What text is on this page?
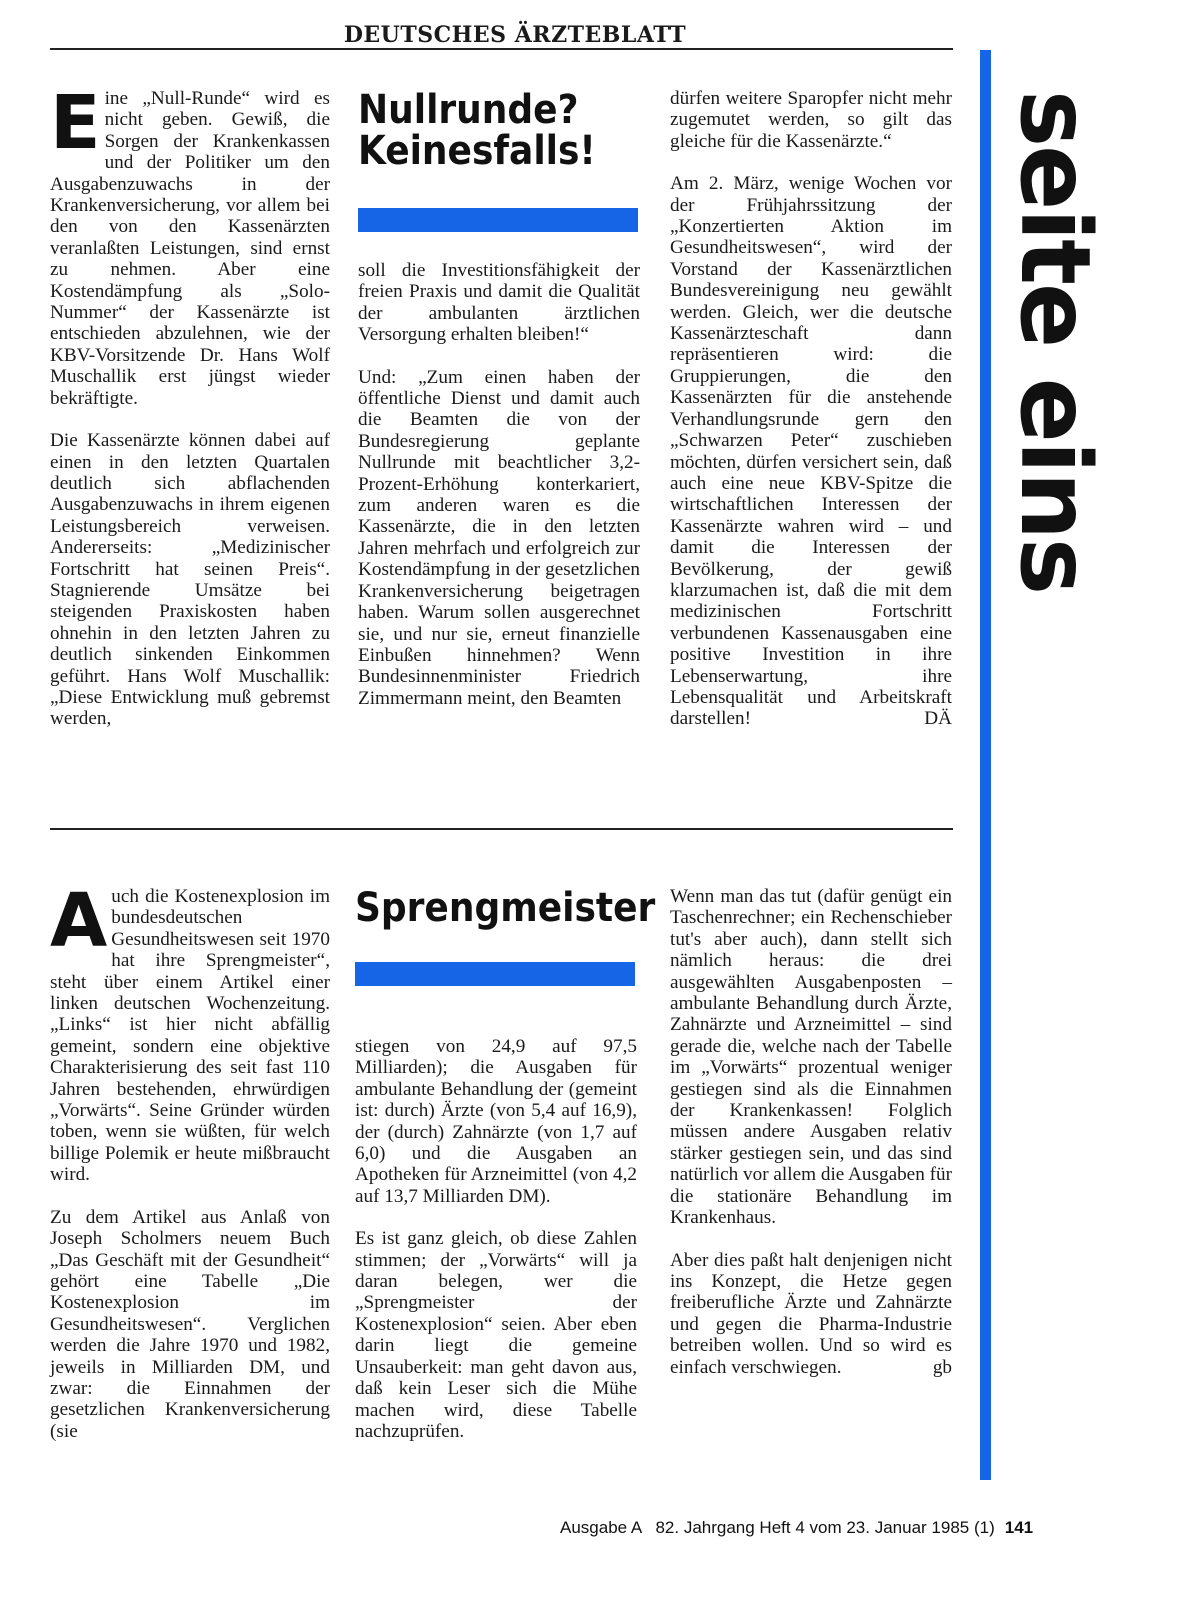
DEUTSCHES ÄRZTEBLATT
seite eins
E ine „Null-Runde“ wird es nicht geben. Gewiß, die Sorgen der Krankenkassen und der Politiker um den Ausgabenzuwachs in der Krankenversicherung, vor allem bei den von den Kassenärzten veranlaßten Leistungen, sind ernst zu nehmen. Aber eine Kostendämpfung als „Solo-Nummer“ der Kassenärzte ist entschieden abzulehnen, wie der KBV-Vorsitzende Dr. Hans Wolf Muschallik erst jüngst wieder bekräftigte.

Die Kassenärzte können dabei auf einen in den letzten Quartalen deutlich sich abflachenden Ausgabenzuwachs in ihrem eigenen Leistungsbereich verweisen. Andererseits: „Medizinischer Fortschritt hat seinen Preis“. Stagnierende Umsätze bei steigenden Praxiskosten haben ohnehin in den letzten Jahren zu deutlich sinkenden Einkommen geführt. Hans Wolf Muschallik: „Diese Entwicklung muß gebremst werden,

Nullrunde? Keinesfalls!

soll die Investitionsfähigkeit der freien Praxis und damit die Qualität der ambulanten ärztlichen Versorgung erhalten bleiben!“

Und: „Zum einen haben der öffentliche Dienst und damit auch die Beamten die von der Bundesregierung geplante Nullrunde mit beachtlicher 3,2-Prozent-Erhöhung konterkariert, zum anderen waren es die Kassenärzte, die in den letzten Jahren mehrfach und erfolgreich zur Kostendämpfung in der gesetzlichen Krankenversicherung beigetragen haben. Warum sollen ausgerechnet sie, und nur sie, erneut finanzielle Einbußen hinnehmen? Wenn Bundesinnenminister Friedrich Zimmermann meint, den Beamten

dürfen weitere Sparopfer nicht mehr zugemutet werden, so gilt das gleiche für die Kassenärzte.“

Am 2. März, wenige Wochen vor der Frühjahrssitzung der „Konzertierten Aktion im Gesundheitswesen“, wird der Vorstand der Kassenärztlichen Bundesvereinigung neu gewählt werden. Gleich, wer die deutsche Kassenärzteschaft dann repräsentieren wird: die Gruppierungen, die den Kassenärzten für die anstehende Verhandlungsrunde gern den „Schwarzen Peter“ zuschieben möchten, dürfen versichert sein, daß auch eine neue KBV-Spitze die wirtschaftlichen Interessen der Kassenärzte wahren wird – und damit die Interessen der Bevölkerung, der gewiß klarzumachen ist, daß die mit dem medizinischen Fortschritt verbundenen Kassenausgaben eine positive Investition in ihre Lebenserwartung, ihre Lebensqualität und Arbeitskraft darstellen!	DÄ

A uch die Kostenexplosion im bundesdeutschen Gesundheitswesen seit 1970 hat ihre Sprengmeister“, steht über einem Artikel einer linken deutschen Wochenzeitung. „Links“ ist hier nicht abfällig gemeint, sondern eine objektive Charakterisierung des seit fast 110 Jahren bestehenden, ehrwürdigen „Vorwärts“. Seine Gründer würden toben, wenn sie wüßten, für welch billige Polemik er heute mißbraucht wird.

Zu dem Artikel aus Anlaß von Joseph Scholmers neuem Buch „Das Geschäft mit der Gesundheit“ gehört eine Tabelle „Die Kostenexplosion im Gesundheitswesen“. Verglichen werden die Jahre 1970 und 1982, jeweils in Milliarden DM, und zwar: die Einnahmen der gesetzlichen Krankenversicherung (sie

Sprengmeister

stiegen von 24,9 auf 97,5 Milliarden); die Ausgaben für ambulante Behandlung der (gemeint ist: durch) Ärzte (von 5,4 auf 16,9), der (durch) Zahnärzte (von 1,7 auf 6,0) und die Ausgaben an Apotheken für Arzneimittel (von 4,2 auf 13,7 Milliarden DM).

Es ist ganz gleich, ob diese Zahlen stimmen; der „Vorwärts“ will ja daran belegen, wer die „Sprengmeister der Kostenexplosion“ seien. Aber eben darin liegt die gemeine Unsauberkeit: man geht davon aus, daß kein Leser sich die Mühe machen wird, diese Tabelle nachzuprüfen.

Wenn man das tut (dafür genügt ein Taschenrechner; ein Rechenschieber tut's aber auch), dann stellt sich nämlich heraus: die drei ausgewählten Ausgabenposten – ambulante Behandlung durch Ärzte, Zahnärzte und Arzneimittel – sind gerade die, welche nach der Tabelle im „Vorwärts“ prozentual weniger gestiegen sind als die Einnahmen der Krankenkassen! Folglich müssen andere Ausgaben relativ stärker gestiegen sein, und das sind natürlich vor allem die Ausgaben für die stationäre Behandlung im Krankenhaus.

Aber dies paßt halt denjenigen nicht ins Konzept, die Hetze gegen freiberufliche Ärzte und Zahnärzte und gegen die Pharma-Industrie betreiben wollen. Und so wird es einfach verschwiegen.	gb

Ausgabe A   82. Jahrgang Heft 4 vom 23. Januar 1985 (1) 141
